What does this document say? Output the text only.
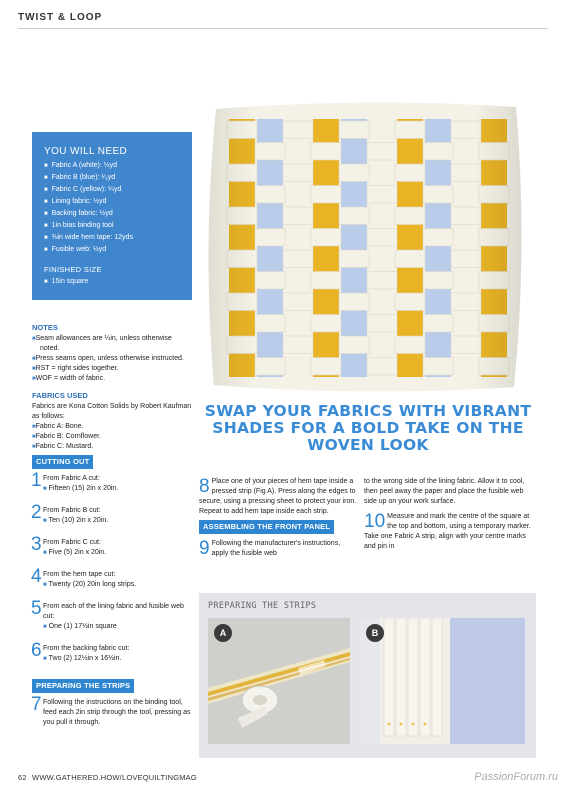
TWIST & LOOP
YOU WILL NEED
■ Fabric A (white): ½yd
■ Fabric B (blue): ¹⁄₃yd
■ Fabric C (yellow): ¼yd
■ Lining fabric: ½yd
■ Backing fabric: ½yd
■ 1in bias binding tool
■ ⅜in wide hem tape: 12yds
■ Fusible web: ½yd
FINISHED SIZE
■ 15in square
NOTES
■ Seam allowances are ¼in, unless otherwise noted.
■ Press seams open, unless otherwise instructed.
■ RST = right sides together.
■ WOF = width of fabric.
FABRICS USED
Fabrics are Kona Cotton Solids by Robert Kaufman as follows:
■ Fabric A: Bone.
■ Fabric B: Cornflower.
■ Fabric C: Mustard.
CUTTING OUT
1 From Fabric A cut:
■ Fifteen (15) 2in x 20in.
2 From Fabric B cut:
■ Ten (10) 2in x 20in.
3 From Fabric C cut:
■ Five (5) 2in x 20in.
4 From the hem tape cut:
■ Twenty (20) 20in long strips.
5 From each of the lining fabric and fusible web cut:
■ One (1) 17½in square
6 From the backing fabric cut:
■ Two (2) 12½in x 16½in.
PREPARING THE STRIPS
7 Following the instructions on the binding tool, feed each 2in strip through the tool, pressing as you pull it through.
SWAP YOUR FABRICS WITH VIBRANT SHADES FOR A BOLD TAKE ON THE WOVEN LOOK
8 Place one of your pieces of hem tape inside a pressed strip (Fig A). Press along the edges to secure, using a pressing sheet to protect your iron. Repeat to add hem tape inside each strip.
ASSEMBLING THE FRONT PANEL
9 Following the manufacturer's instructions, apply the fusible web
to the wrong side of the lining fabric. Allow it to cool, then peel away the paper and place the fusible web side up on your work surface.
10 Measure and mark the centre of the square at the top and bottom, using a temporary marker. Take one Fabric A strip, align with your centre marks and pin in
PREPARING THE STRIPS
A	B
62 WWW.GATHERED.HOW/LOVEQUILTINGMAG	PassionForum.ru
